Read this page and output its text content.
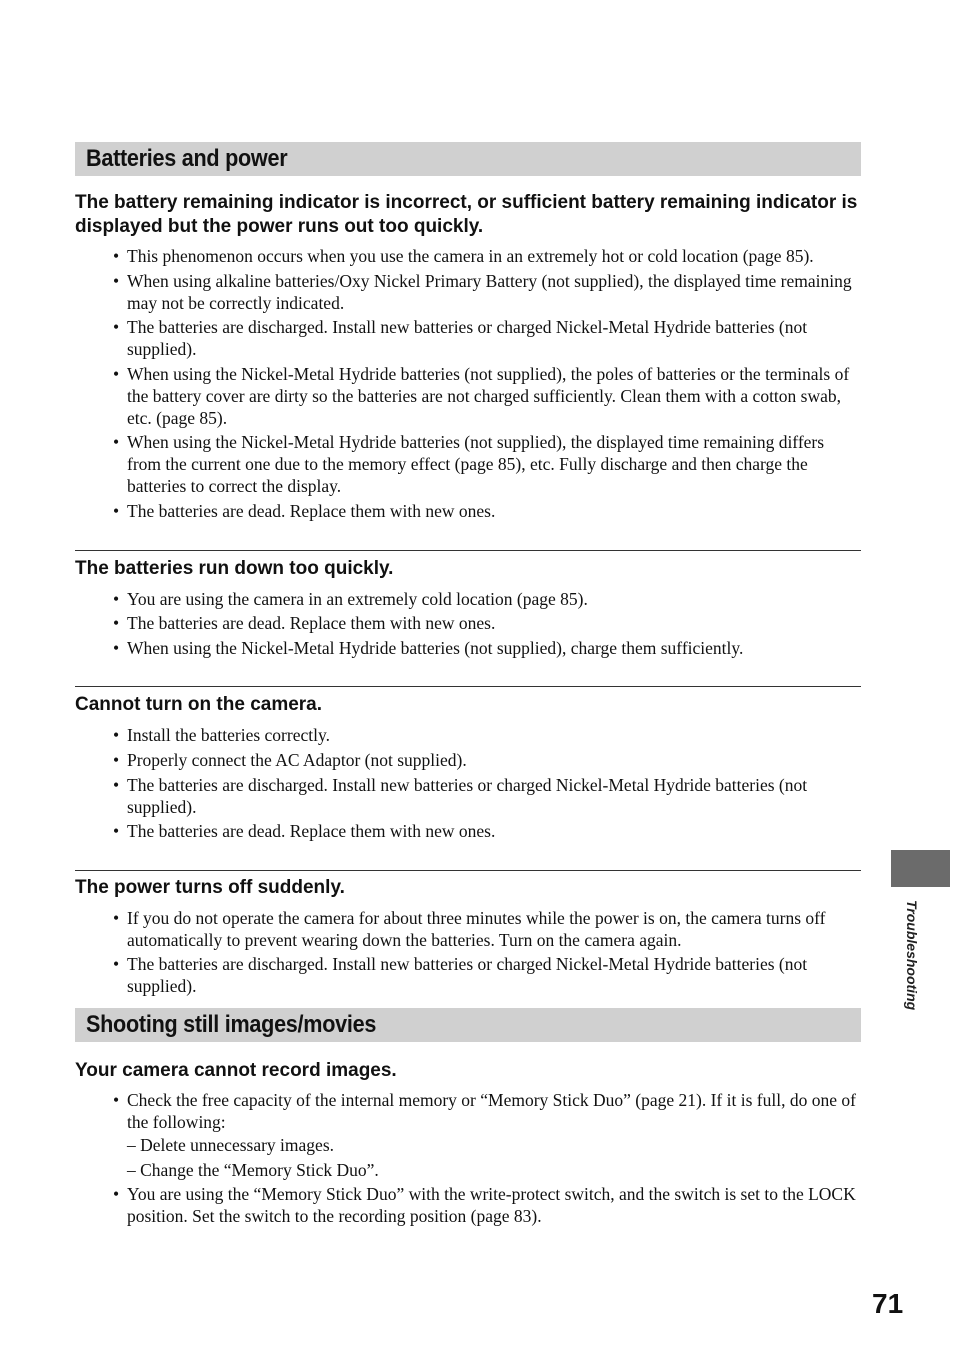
Batteries and power
The battery remaining indicator is incorrect, or sufficient battery remaining indicator is displayed but the power runs out too quickly.
• This phenomenon occurs when you use the camera in an extremely hot or cold location (page 85).
• When using alkaline batteries/Oxy Nickel Primary Battery (not supplied), the displayed time remaining may not be correctly indicated.
• The batteries are discharged. Install new batteries or charged Nickel-Metal Hydride batteries (not supplied).
• When using the Nickel-Metal Hydride batteries (not supplied), the poles of batteries or the terminals of the battery cover are dirty so the batteries are not charged sufficiently. Clean them with a cotton swab, etc. (page 85).
• When using the Nickel-Metal Hydride batteries (not supplied), the displayed time remaining differs from the current one due to the memory effect (page 85), etc. Fully discharge and then charge the batteries to correct the display.
• The batteries are dead. Replace them with new ones.
The batteries run down too quickly.
• You are using the camera in an extremely cold location (page 85).
• The batteries are dead. Replace them with new ones.
• When using the Nickel-Metal Hydride batteries (not supplied), charge them sufficiently.
Cannot turn on the camera.
• Install the batteries correctly.
• Properly connect the AC Adaptor (not supplied).
• The batteries are discharged. Install new batteries or charged Nickel-Metal Hydride batteries (not supplied).
• The batteries are dead. Replace them with new ones.
The power turns off suddenly.
• If you do not operate the camera for about three minutes while the power is on, the camera turns off automatically to prevent wearing down the batteries. Turn on the camera again.
• The batteries are discharged. Install new batteries or charged Nickel-Metal Hydride batteries (not supplied).
Shooting still images/movies
Your camera cannot record images.
• Check the free capacity of the internal memory or “Memory Stick Duo” (page 21). If it is full, do one of the following:
– Delete unnecessary images.
– Change the “Memory Stick Duo”.
• You are using the “Memory Stick Duo” with the write-protect switch, and the switch is set to the LOCK position. Set the switch to the recording position (page 83).
Troubleshooting
71
